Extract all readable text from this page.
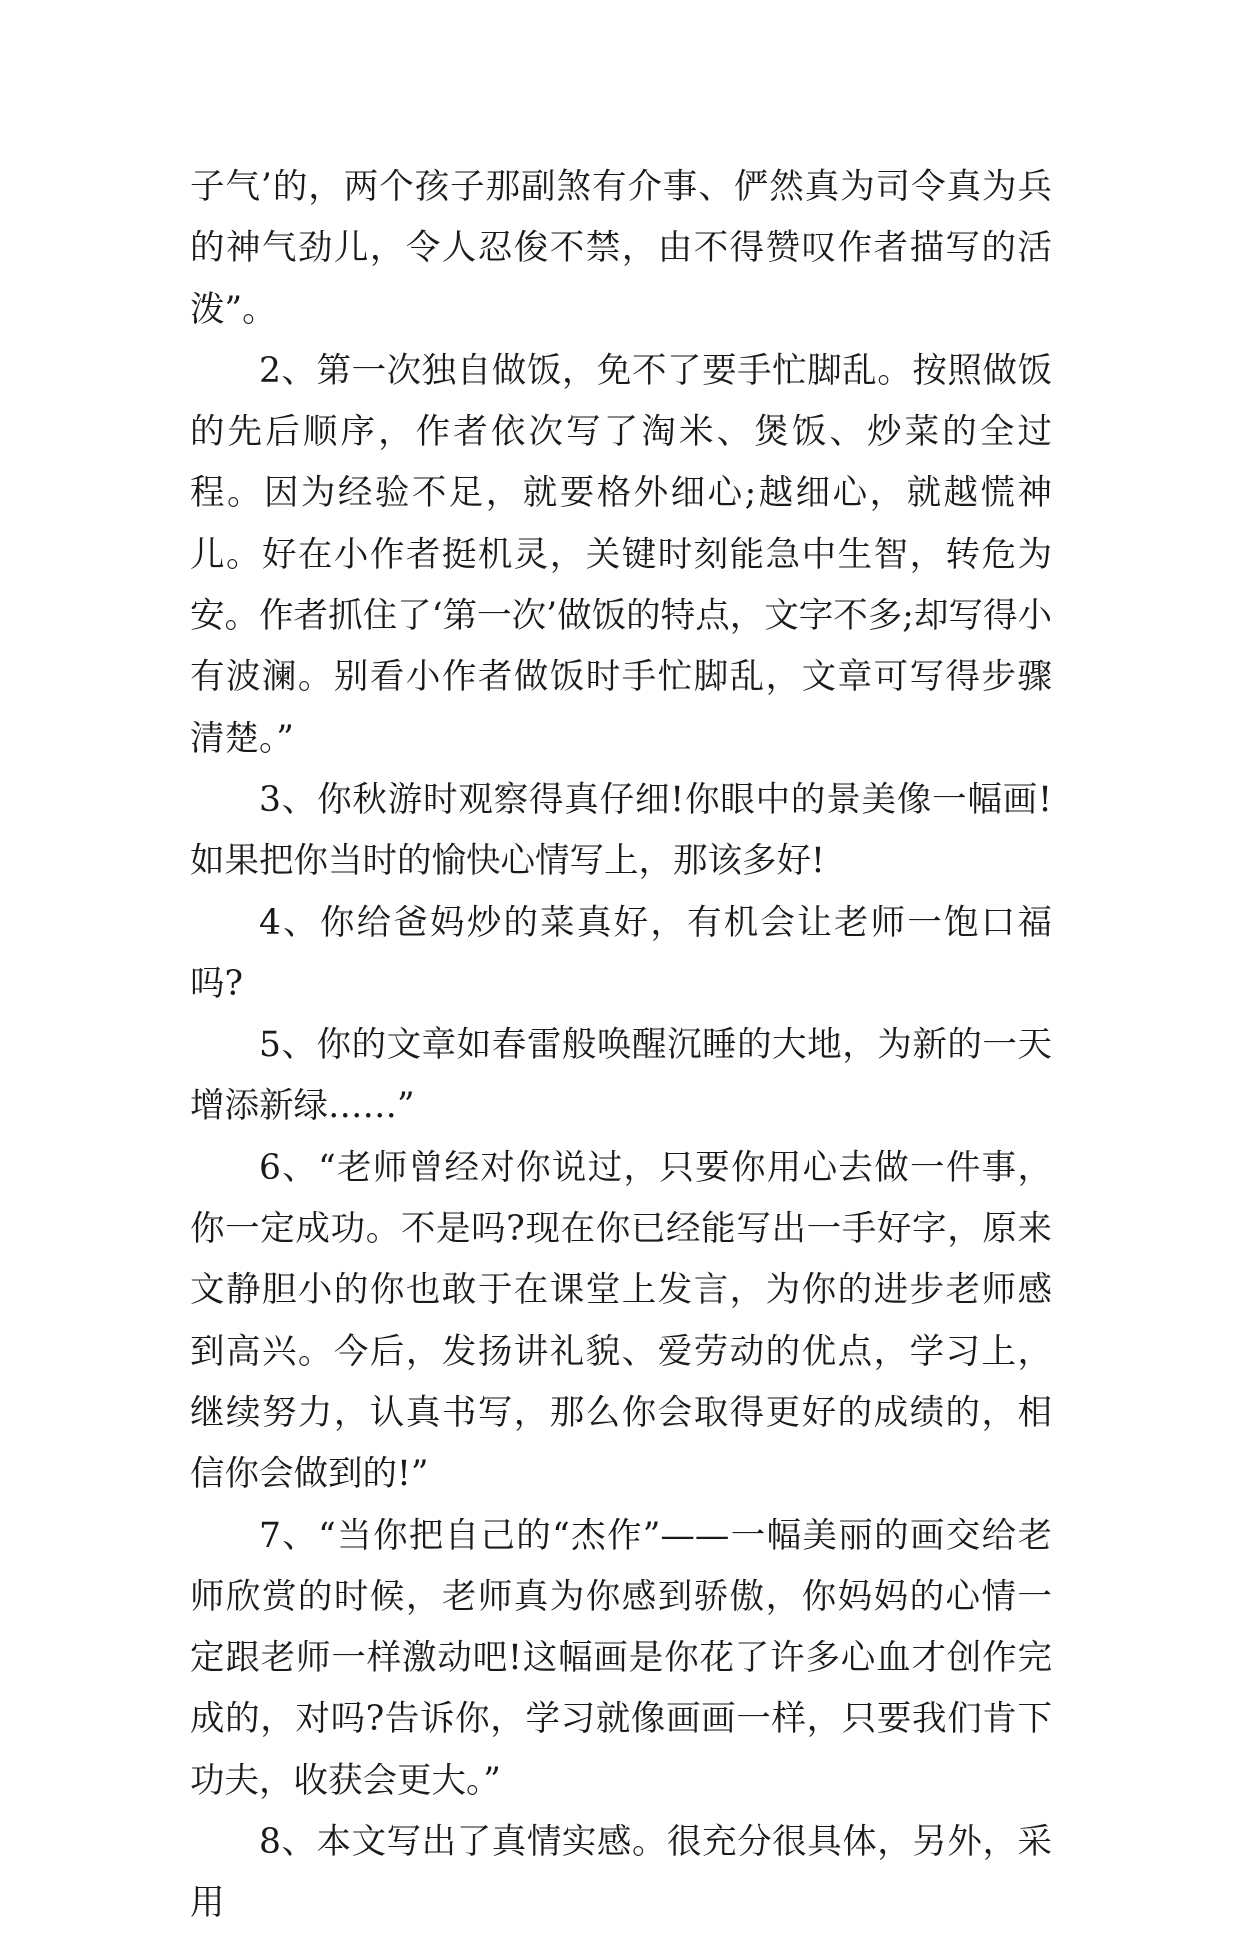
子气’的，两个孩子那副煞有介事、俨然真为司令真为兵的神气劲儿，令人忍俊不禁，由不得赞叹作者描写的活泼”。

2、第一次独自做饭，免不了要手忙脚乱。按照做饭的先后顺序，作者依次写了淘米、煲饭、炒菜的全过程。因为经验不足，就要格外细心;越细心，就越慌神儿。好在小作者挺机灵，关键时刻能急中生智，转危为安。作者抓住了‘第一次’做饭的特点，文字不多;却写得小有波澜。别看小作者做饭时手忙脚乱，文章可写得步骤清楚。”

3、你秋游时观察得真仔细!你眼中的景美像一幅画!如果把你当时的愉快心情写上，那该多好!

4、你给爸妈炒的菜真好，有机会让老师一饱口福吗?

5、你的文章如春雷般唤醒沉睡的大地，为新的一天增添新绿……”

6、“老师曾经对你说过，只要你用心去做一件事，你一定成功。不是吗?现在你已经能写出一手好字，原来文静胆小的你也敢于在课堂上发言，为你的进步老师感到高兴。今后，发扬讲礼貌、爱劳动的优点，学习上，继续努力，认真书写，那么你会取得更好的成绩的，相信你会做到的!”

7、“当你把自己的“杰作”——一幅美丽的画交给老师欣赏的时候，老师真为你感到骄傲，你妈妈的心情一定跟老师一样激动吧!这幅画是你花了许多心血才创作完成的，对吗?告诉你，学习就像画画一样，只要我们肯下功夫，收获会更大。”

8、本文写出了真情实感。很充分很具体，另外，采用
